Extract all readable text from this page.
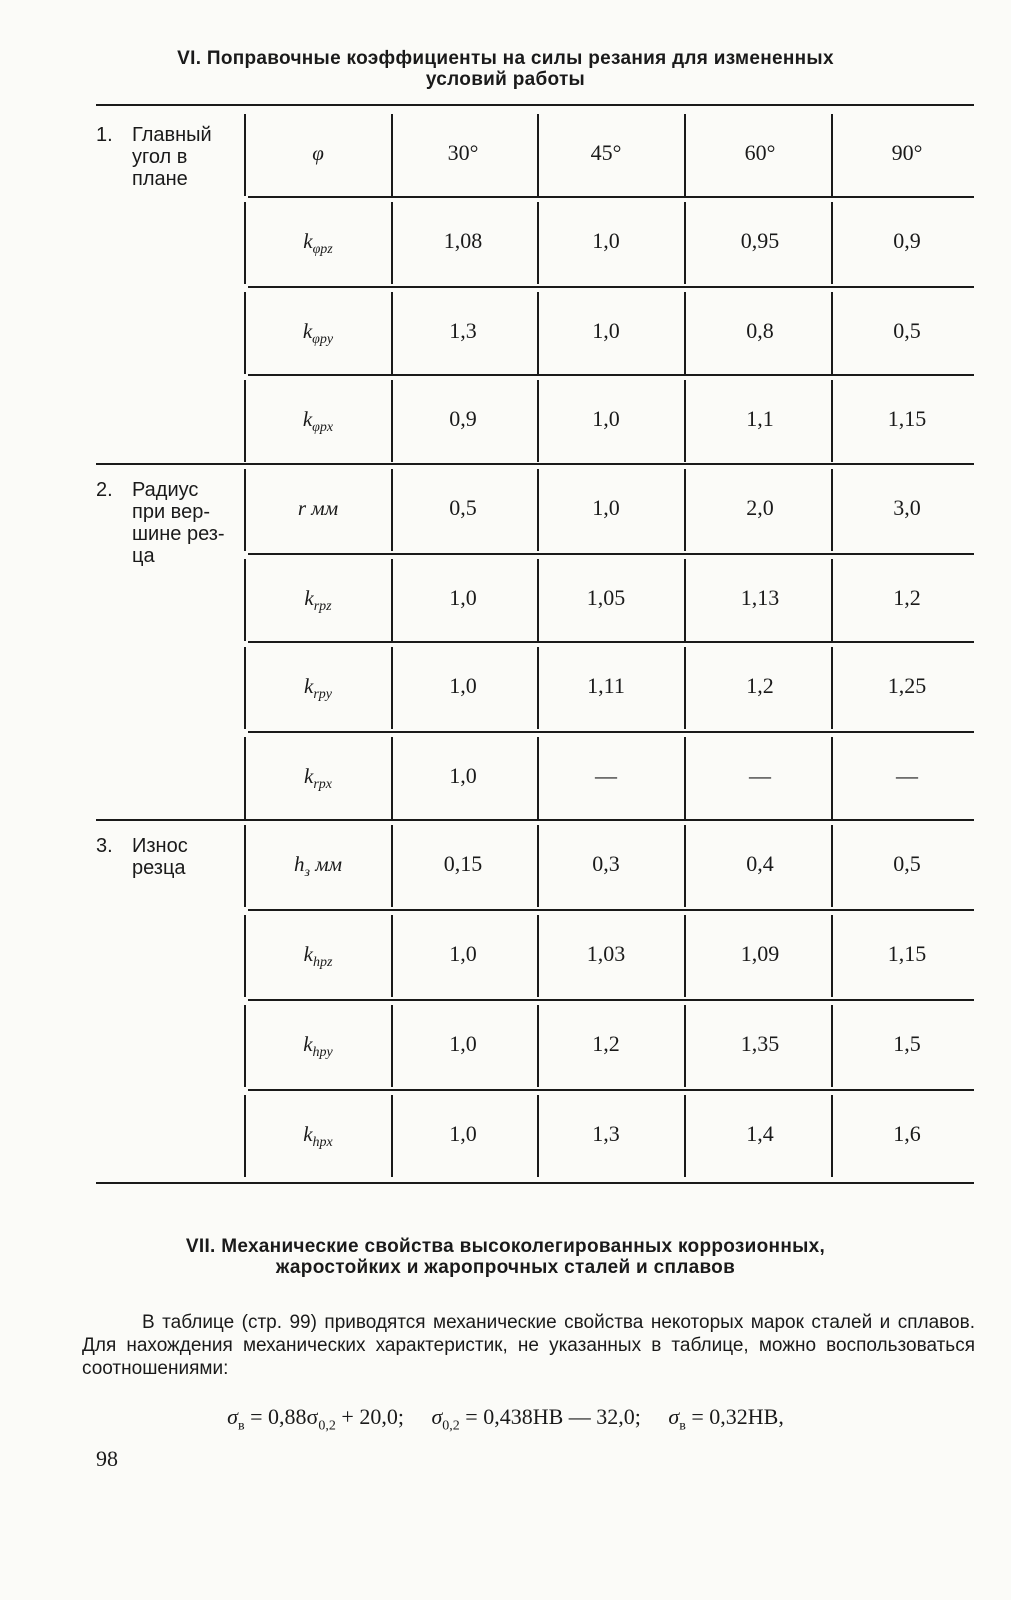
VI. Поправочные коэффициенты на силы резания для измененных
условий работы
1. Главный
угол в
плане
φ	30°	45°	60°	90°
$k_{\varphi pz}$	1,08	1,0	0,95	0,9
$k_{\varphi py}$	1,3	1,0	0,8	0,5
$k_{\varphi px}$	0,9	1,0	1,1	1,15
2. Радиус
при вер-
шине рез-
ца
r мм	0,5	1,0	2,0	3,0
$k_{rpz}$	1,0	1,05	1,13	1,2
$k_{rpy}$	1,0	1,11	1,2	1,25
$k_{rpx}$	1,0	—	—	—
3. Износ
резца	$h_з$ мм	0,15	0,3	0,4	0,5
$k_{hpz}$	1,0	1,03	1,09	1,15
$k_{hpy}$	1,0	1,2	1,35	1,5
$k_{hpx}$	1,0	1,3	1,4	1,6
VII. Механические свойства высоколегированных коррозионных,
жаростойких и жаропрочных сталей и сплавов
В таблице (стр. 99) приводятся механические свойства некоторых марок сталей и сплавов. Для нахождения механических характеристик, не указанных в таблице, можно воспользоваться соотношениями:
$\sigma_в = 0,88\sigma_{0,2} + 20,0$; $\sigma_{0,2} = 0,438HB$ — 32,0; $\sigma_в = 0,32HB$,
98
